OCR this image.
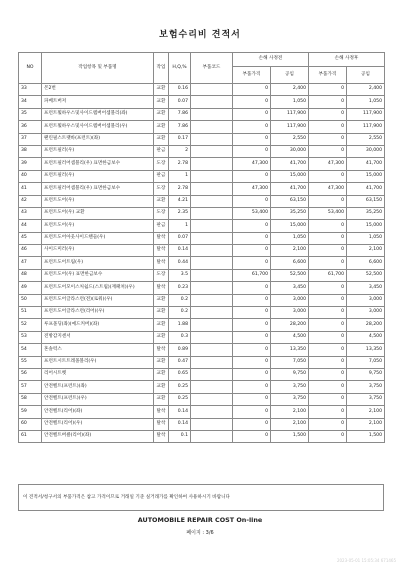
보험수리비 견적서
NO	작업항목 및 부품명	작업	H,Q,%	부품코드	손해 사정전		손해 사정후	
					부품가격	공임	부품가격	공임
33	몬2번	교환	0.16		0	2,400	0	2,400
34	파베트버저	교환	0.07		0	1,050	0	1,050
35	프런트휠하우스및사이드멤버어셈블리(좌)	교환	7.86		0	117,900	0	117,900
36	프런트휠하우스및사이드멤버어셈블리(우)	교환	7.86		0	117,900	0	117,900
37	팬린필스트랫바(프런트)(좌)	교환	0.17		0	2,550	0	2,550
38	프런트필러(우)	판금	2		0	30,000	0	30,000
39	프런트필러어셈블리(우) 표면한금보수	도장	2.78		47,300	41,700	47,300	41,700
40	프런트필러(우)	판금	1		0	15,000	0	15,000
41	프런트필러어셈블리(우) 표면한금보수	도장	2.78		47,300	41,700	47,300	41,700
42	프런트도어(우)	교환	4.21		0	63,150	0	63,150
43	프런트도어(우) 교환	도장	2.35		53,400	35,250	53,400	35,250
44	프런트도어(우)	판금	1		0	15,000	0	15,000
45	프런트도어아웃사이드핸들(우)	탈착	0.07		0	1,050	0	1,050
46	사이드미러(우)	탈착	0.14		0	2,100	0	2,100
47	프런트도어트림(우)	탈착	0.44		0	6,600	0	6,600
48	프런트도어(우) 표면한금보수	도장	3.5		61,700	52,500	61,700	52,500
49	프런트도어모이스처쉴드(스트립)(재패쳐)(우)	탈착	0.23		0	3,450	0	3,450
50	프런트도어글라스런(전)(로워)(우)	교환	0.2		0	3,000	0	3,000
51	프런트도어글라스런(리어)(우)	교환	0.2		0	3,000	0	3,000
52	루프몰딩(좌)(예드커버)(좌)	교환	1.88		0	28,200	0	28,200
53	전방감지센서	교환	0.3		0	4,500	0	4,500
54	혼솔럭스	탈착	0.89		0	13,350	0	13,350
55	프런트시트트레몰볼리(우)	교환	0.47		0	7,050	0	7,050
56	리어시트벳	교환	0.65		0	9,750	0	9,750
57	안전벨트(프런트)(좌)	교환	0.25		0	3,750	0	3,750
58	안전벨트(프런트)(우)	교환	0.25		0	3,750	0	3,750
59	안전벨트(리어)(좌)	탈착	0.14		0	2,100	0	2,100
60	안전벨트(리어)(우)	탈착	0.14		0	2,100	0	2,100
61	안전벨트버클(리어)(좌)	탈착	0.1		0	1,500	0	1,500
이 견적서/청구서의 부품가격은 참고 가격이므로 거래일 기준 실거래가를 확인하여 사용하시기 바랍니다
AUTOMOBILE REPAIR COST On-line
페이지 : 3/6
2023-05-01 15:05:34 671465
